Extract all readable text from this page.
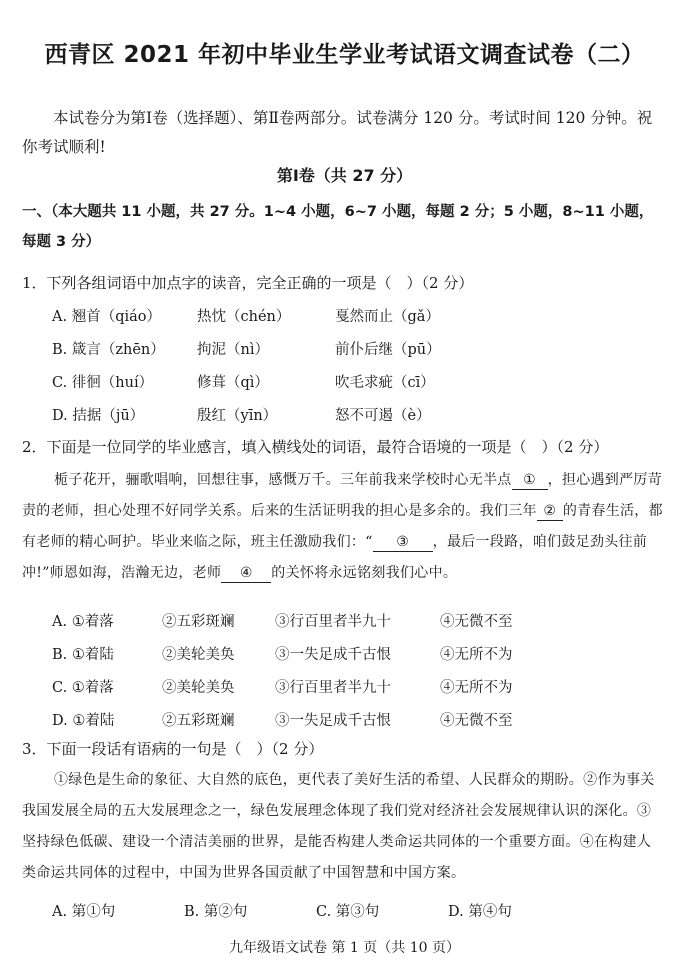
西青区 2021 年初中毕业生学业考试语文调查试卷（二）
本试卷分为第Ⅰ卷（选择题）、第Ⅱ卷两部分。试卷满分 120 分。考试时间 120 分钟。祝你考试顺利!
第Ⅰ卷（共 27 分）
一、（本大题共 11 小题，共 27 分。1~4 小题，6~7 小题，每题 2 分；5 小题，8~11 小题，每题 3 分）
1．下列各组词语中加点字的读音，完全正确的一项是（　）（2 分）
A. 翘首（qiáo） 热忱（chén）	戛然而止（gǎ）
B. 箴言（zhēn） 拘泥（nì）	前仆后继（pū）
C. 徘徊（huí）	修葺（qì）	吹毛求疵（cī）
D. 拮据（jū）	殷红（yīn）	怒不可遏（è）
2．下面是一位同学的毕业感言，填入横线处的词语，最符合语境的一项是（　）（2 分）
栀子花开，骊歌唱响，回想往事，感慨万千。三年前我来学校时心无半点 ① ，担心遇到严厉苛责的老师，担心处理不好同学关系。后来的生活证明我的担心是多余的。我们三年 ② 的青春生活，都有老师的精心呵护。毕业来临之际，班主任激励我们：“ ③ ，最后一段路，咱们鼓足劲头往前冲!”师恩如海，浩瀚无边，老师 ④ 的关怀将永远铭刻我们心中。
A. ①着落	②五彩斑斓	③行百里者半九十	④无微不至
B. ①着陆	②美轮美奂	③一失足成千古恨	④无所不为
C. ①着落	②美轮美奂	③行百里者半九十	④无所不为
D. ①着陆	②五彩斑斓	③一失足成千古恨	④无微不至
3．下面一段话有语病的一句是（　）（2 分）
①绿色是生命的象征、大自然的底色，更代表了美好生活的希望、人民群众的期盼。②作为事关我国发展全局的五大发展理念之一，绿色发展理念体现了我们党对经济社会发展规律认识的深化。③坚持绿色低碳、建设一个清洁美丽的世界，是能否构建人类命运共同体的一个重要方面。④在构建人类命运共同体的过程中，中国为世界各国贡献了中国智慧和中国方案。
A. 第①句	B. 第②句	C. 第③句	D. 第④句
九年级语文试卷 第 1 页（共 10 页）
